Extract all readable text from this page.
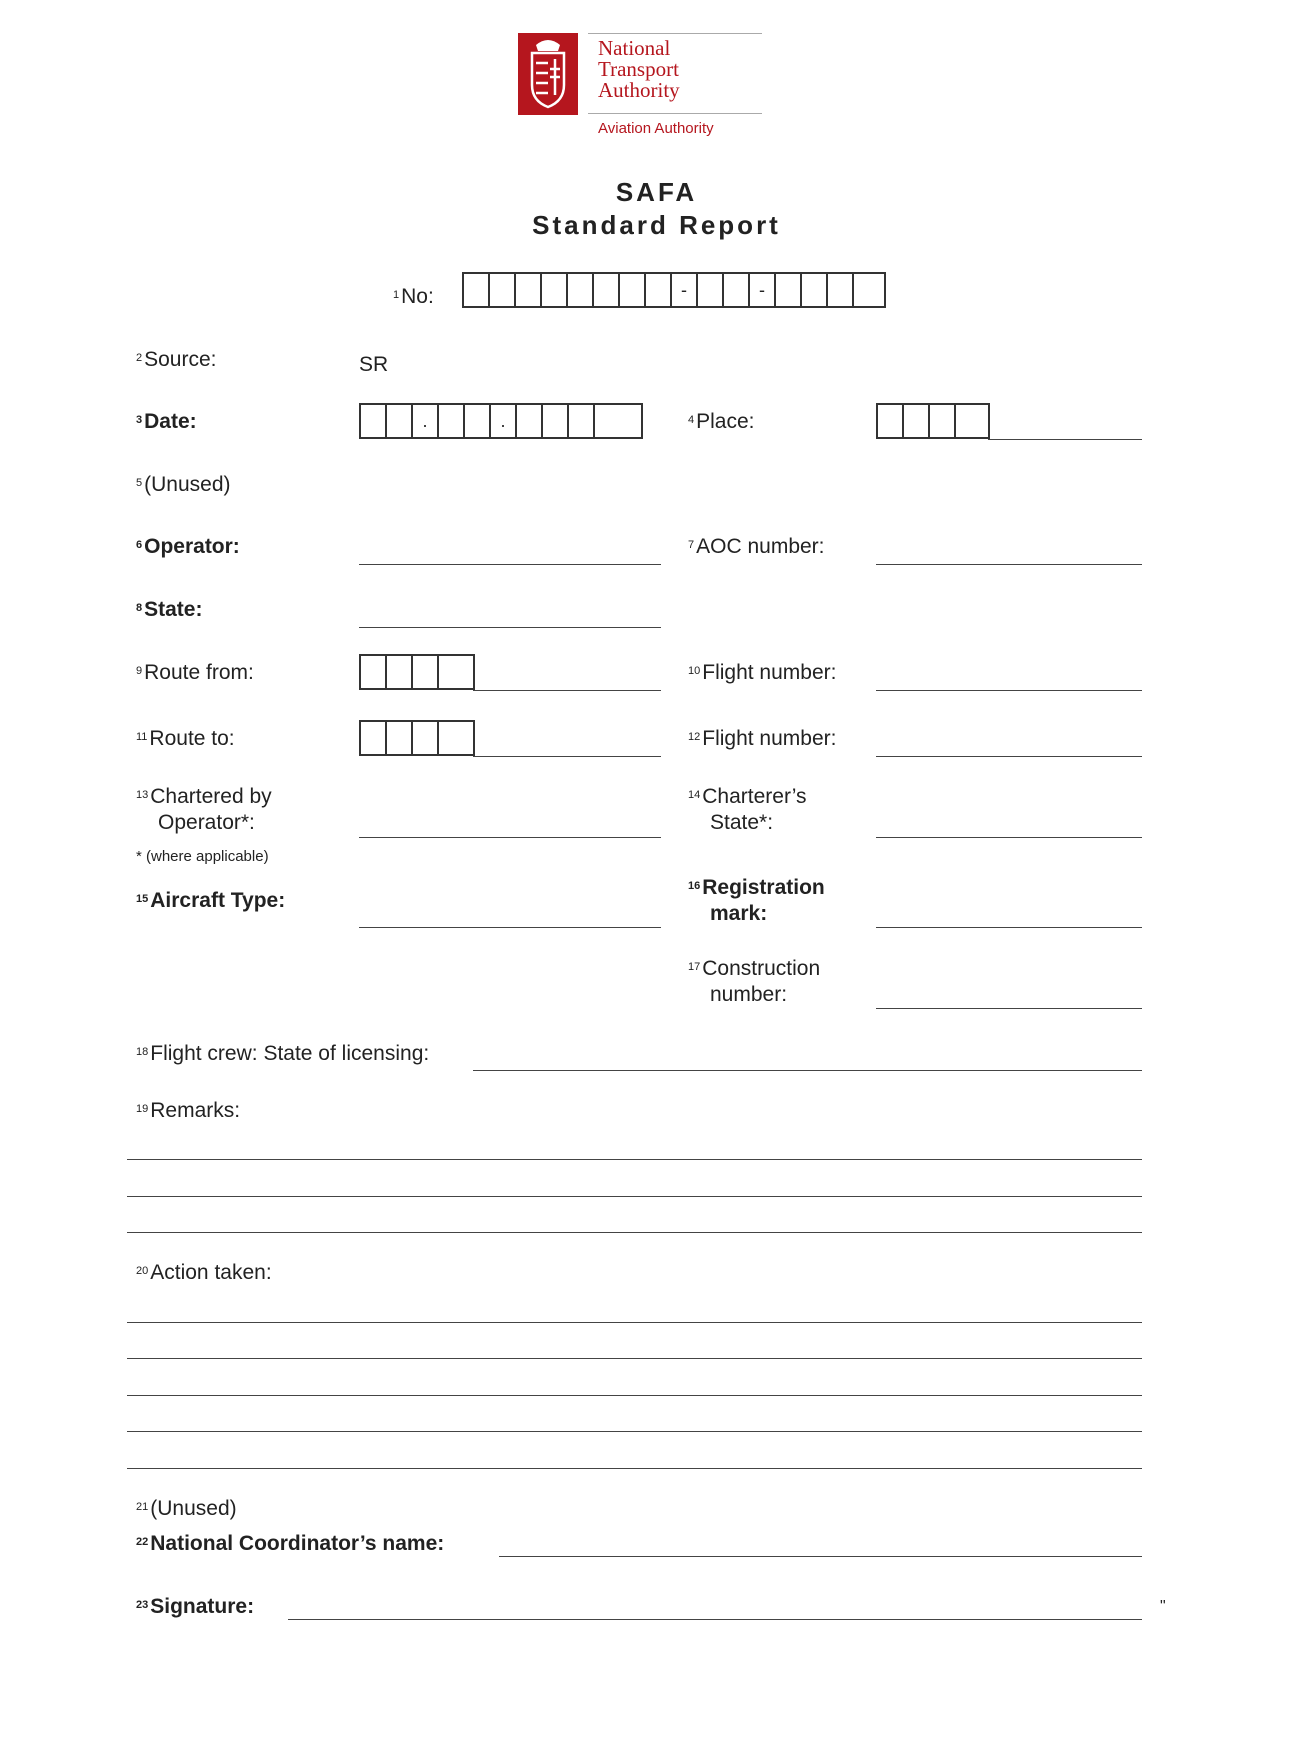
National
Transport
Authority
Aviation Authority
SAFA
Standard Report
$^1$No:	-	-
$^2$Source:	SR
$^3$Date:	.	.	$^4$Place:
$^5$(Unused)
$^6$Operator:	$^7$AOC number:
$^8$State:
$^9$Route from:	$^{10}$Flight number:
$^{11}$Route to:	$^{12}$Flight number:
$^{13}$Chartered by
Operator*:
* (where applicable)
$^{14}$Charterer’s
State*:
$^{15}$Aircraft Type:
$^{16}$Registration
mark:
$^{17}$Construction
number:
$^{18}$Flight crew: State of licensing:
$^{19}$Remarks:
$^{20}$Action taken:
$^{21}$(Unused)
$^{22}$National Coordinator’s name:
$^{23}$Signature:	"
